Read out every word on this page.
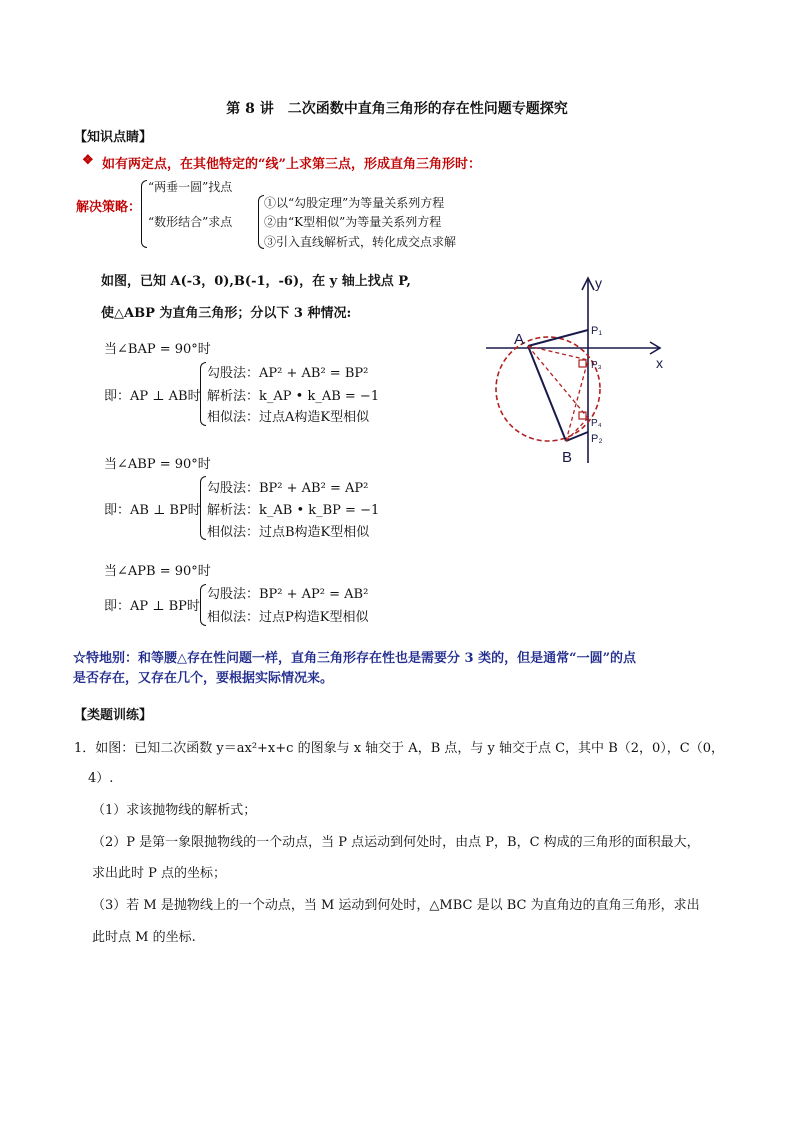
第 8 讲　二次函数中直角三角形的存在性问题专题探究
【知识点睛】
❖ 如有两定点，在其他特定的“线”上求第三点，形成直角三角形时：
解决策略：
“两垂一圆”找点
“数形结合”求点
①以“勾股定理”为等量关系列方程
②由“K型相似”为等量关系列方程
③引入直线解析式，转化成交点求解
如图，已知 A(-3，0),B(-1，-6)，在 y 轴上找点 P,
使△ABP 为直角三角形；分以下 3 种情况:
当∠BAP = 90°时
即：AP ⊥ AB时
勾股法：AP² + AB² = BP²
解析法：k_AP • k_AB = −1
相似法：过点A构造K型相似
当∠ABP = 90°时
即：AB ⊥ BP时
勾股法：BP² + AB² = AP²
解析法：k_AB • k_BP = −1
相似法：过点B构造K型相似
当∠APB = 90°时
即：AP ⊥ BP时
勾股法：BP² + AP² = AB²
相似法：过点P构造K型相似
A
B
y
x
P₁
P₃
P₄
P₂
☆特地别：和等腰△存在性问题一样，直角三角形存在性也是需要分 3 类的，但是通常“一圆”的点
是否存在，又存在几个，要根据实际情况来。
【类题训练】
1．如图：已知二次函数 y＝ax²+x+c 的图象与 x 轴交于 A，B 点，与 y 轴交于点 C，其中 B（2，0），C（0，
4）.
（1）求该抛物线的解析式；
（2）P 是第一象限抛物线的一个动点，当 P 点运动到何处时，由点 P，B，C 构成的三角形的面积最大，
求出此时 P 点的坐标；
（3）若 M 是抛物线上的一个动点，当 M 运动到何处时，△MBC 是以 BC 为直角边的直角三角形，求出
此时点 M 的坐标.
